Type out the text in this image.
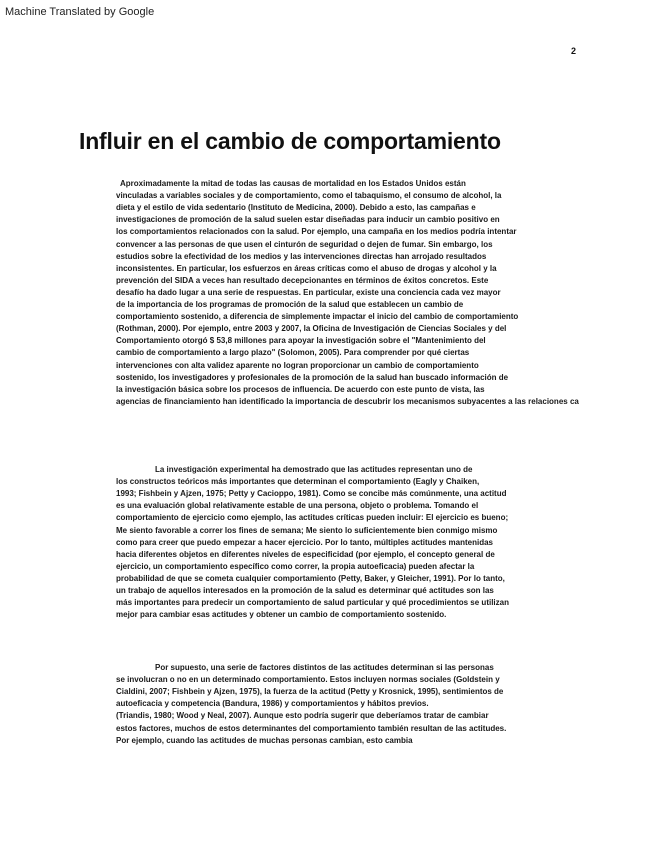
Machine Translated by Google
2
Influir en el cambio de comportamiento
Aproximadamente la mitad de todas las causas de mortalidad en los Estados Unidos están
vinculadas a variables sociales y de comportamiento, como el tabaquismo, el consumo de alcohol, la
dieta y el estilo de vida sedentario (Instituto de Medicina, 2000). Debido a esto, las campañas e
investigaciones de promoción de la salud suelen estar diseñadas para inducir un cambio positivo en
los comportamientos relacionados con la salud. Por ejemplo, una campaña en los medios podría intentar
convencer a las personas de que usen el cinturón de seguridad o dejen de fumar. Sin embargo, los
estudios sobre la efectividad de los medios y las intervenciones directas han arrojado resultados
inconsistentes. En particular, los esfuerzos en áreas críticas como el abuso de drogas y alcohol y la
prevención del SIDA a veces han resultado decepcionantes en términos de éxitos concretos. Este
desafío ha dado lugar a una serie de respuestas. En particular, existe una conciencia cada vez mayor
de la importancia de los programas de promoción de la salud que establecen un cambio de
comportamiento sostenido, a diferencia de simplemente impactar el inicio del cambio de comportamiento
(Rothman, 2000). Por ejemplo, entre 2003 y 2007, la Oficina de Investigación de Ciencias Sociales y del
Comportamiento otorgó $ 53,8 millones para apoyar la investigación sobre el "Mantenimiento del
cambio de comportamiento a largo plazo" (Solomon, 2005). Para comprender por qué ciertas
intervenciones con alta validez aparente no logran proporcionar un cambio de comportamiento
sostenido, los investigadores y profesionales de la promoción de la salud han buscado información de
la investigación básica sobre los procesos de influencia. De acuerdo con este punto de vista, las
agencias de financiamiento han identificado la importancia de descubrir los mecanismos subyacentes a las relaciones ca
La investigación experimental ha demostrado que las actitudes representan uno de
los constructos teóricos más importantes que determinan el comportamiento (Eagly y Chaiken,
1993; Fishbein y Ajzen, 1975; Petty y Cacioppo, 1981). Como se concibe más comúnmente, una actitud
es una evaluación global relativamente estable de una persona, objeto o problema. Tomando el
comportamiento de ejercicio como ejemplo, las actitudes críticas pueden incluir: El ejercicio es bueno;
Me siento favorable a correr los fines de semana; Me siento lo suficientemente bien conmigo mismo
como para creer que puedo empezar a hacer ejercicio. Por lo tanto, múltiples actitudes mantenidas
hacia diferentes objetos en diferentes niveles de especificidad (por ejemplo, el concepto general de
ejercicio, un comportamiento específico como correr, la propia autoeficacia) pueden afectar la
probabilidad de que se cometa cualquier comportamiento (Petty, Baker, y Gleicher, 1991). Por lo tanto,
un trabajo de aquellos interesados en la promoción de la salud es determinar qué actitudes son las
más importantes para predecir un comportamiento de salud particular y qué procedimientos se utilizan
mejor para cambiar esas actitudes y obtener un cambio de comportamiento sostenido.
Por supuesto, una serie de factores distintos de las actitudes determinan si las personas
se involucran o no en un determinado comportamiento. Estos incluyen normas sociales (Goldstein y
Cialdini, 2007; Fishbein y Ajzen, 1975), la fuerza de la actitud (Petty y Krosnick, 1995), sentimientos de
autoeficacia y competencia (Bandura, 1986) y comportamientos y hábitos previos.
(Triandis, 1980; Wood y Neal, 2007). Aunque esto podría sugerir que deberíamos tratar de cambiar
estos factores, muchos de estos determinantes del comportamiento también resultan de las actitudes.
Por ejemplo, cuando las actitudes de muchas personas cambian, esto cambia
